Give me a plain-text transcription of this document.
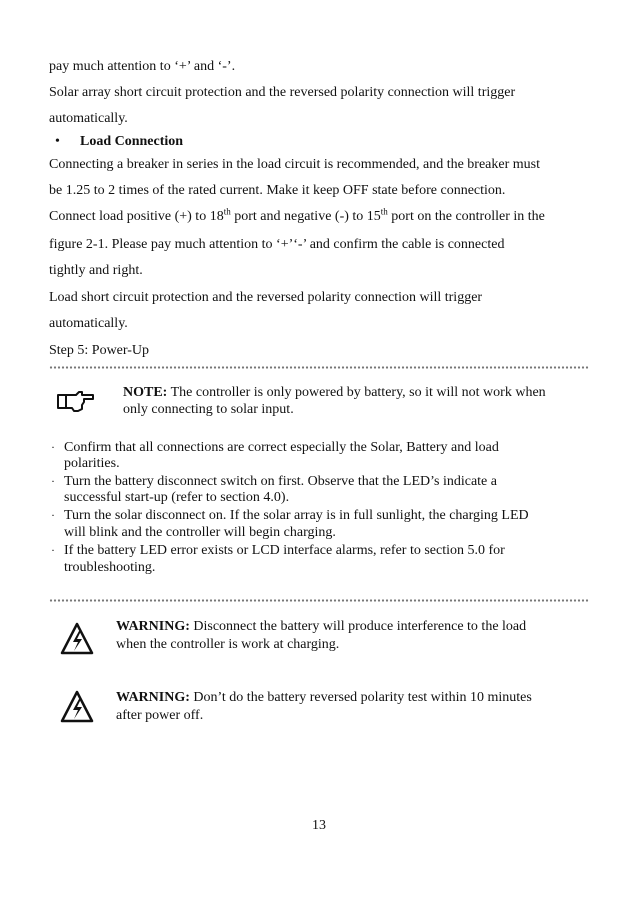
pay much attention to ‘+’ and ‘-’.
Solar array short circuit protection and the reversed polarity connection will trigger
automatically.
• Load Connection
Connecting a breaker in series in the load circuit is recommended, and the breaker must
be 1.25 to 2 times of the rated current. Make it keep OFF state before connection.
Connect load positive (+) to 18th port and negative (-) to 15th port on the controller in the
figure 2-1. Please pay much attention to ‘+’‘-’ and confirm the cable is connected
tightly and right.
Load short circuit protection and the reversed polarity connection will trigger
automatically.
Step 5: Power-Up
NOTE: The controller is only powered by battery, so it will not work when
only connecting to solar input.
· Confirm that all connections are correct especially the Solar, Battery and load
polarities.
· Turn the battery disconnect switch on first. Observe that the LED’s indicate a
successful start-up (refer to section 4.0).
· Turn the solar disconnect on. If the solar array is in full sunlight, the charging LED
will blink and the controller will begin charging.
· If the battery LED error exists or LCD interface alarms, refer to section 5.0 for
troubleshooting.
WARNING: Disconnect the battery will produce interference to the load
when the controller is work at charging.
WARNING: Don’t do the battery reversed polarity test within 10 minutes
after power off.
13
